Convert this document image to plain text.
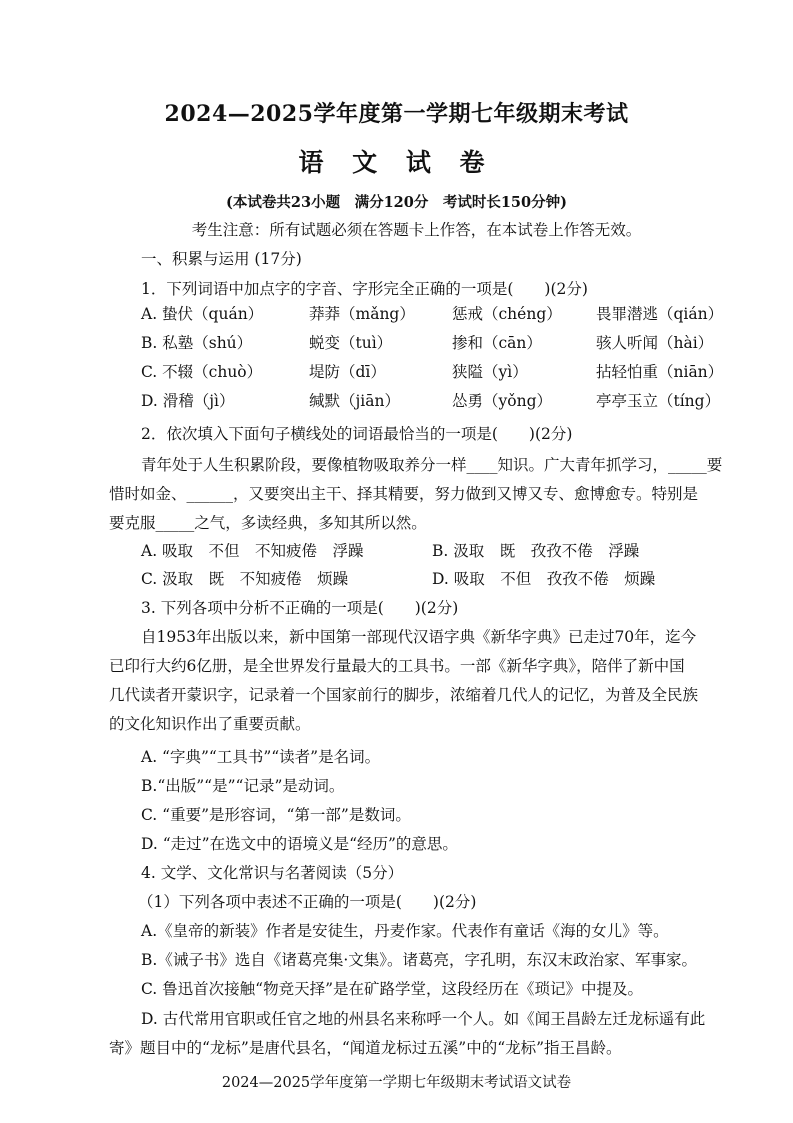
2024—2025学年度第一学期七年级期末考试
语 文 试 卷
(本试卷共23小题　满分120分　考试时长150分钟)
考生注意：所有试题必须在答题卡上作答，在本试卷上作答无效。
一、积累与运用 (17分)
1．下列词语中加点字的字音、字形完全正确的一项是(　　)(2分)
A. 蛰伏（quán）	莽莽（mǎng） 惩戒（chéng） 畏罪潜逃（qián）
B. 私塾（shú）	蜕变（tuì）	掺和（cān）	骇人听闻（hài）
C. 不辍（chuò）	堤防（dī）	狭隘（yì）	拈轻怕重（niān）
D. 滑稽（jì）	缄默（jiān）	怂勇（yǒng）	亭亭玉立（tíng）
2．依次填入下面句子横线处的词语最恰当的一项是(　　)(2分)
青年处于人生积累阶段，要像植物吸取养分一样____知识。广大青年抓学习，_____要
惜时如金、______，又要突出主干、择其精要，努力做到又博又专、愈博愈专。特别是
要克服_____之气，多读经典，多知其所以然。
A. 吸取　不但　不知疲倦　浮躁	B. 汲取　既　孜孜不倦　浮躁
C. 汲取　既　不知疲倦　烦躁	D. 吸取　不但　孜孜不倦　烦躁
3. 下列各项中分析不正确的一项是(　　)(2分)
自1953年出版以来，新中国第一部现代汉语字典《新华字典》已走过70年，迄今
已印行大约6亿册，是全世界发行量最大的工具书。一部《新华字典》，陪伴了新中国
几代读者开蒙识字，记录着一个国家前行的脚步，浓缩着几代人的记忆，为普及全民族
的文化知识作出了重要贡献。
A. “字典”“工具书”“读者”是名词。
B.“出版”“是”“记录”是动词。
C. “重要”是形容词，“第一部”是数词。
D. “走过”在选文中的语境义是“经历”的意思。
4. 文学、文化常识与名著阅读（5分）
（1）下列各项中表述不正确的一项是(　　)(2分)
A.《皇帝的新装》作者是安徒生，丹麦作家。代表作有童话《海的女儿》等。
B.《诫子书》选自《诸葛亮集·文集》。诸葛亮，字孔明，东汉末政治家、军事家。
C. 鲁迅首次接触“物竞天择”是在矿路学堂，这段经历在《琐记》中提及。
D. 古代常用官职或任官之地的州县名来称呼一个人。如《闻王昌龄左迁龙标遥有此
寄》题目中的“龙标”是唐代县名，“闻道龙标过五溪”中的“龙标”指王昌龄。
2024—2025学年度第一学期七年级期末考试语文试卷
